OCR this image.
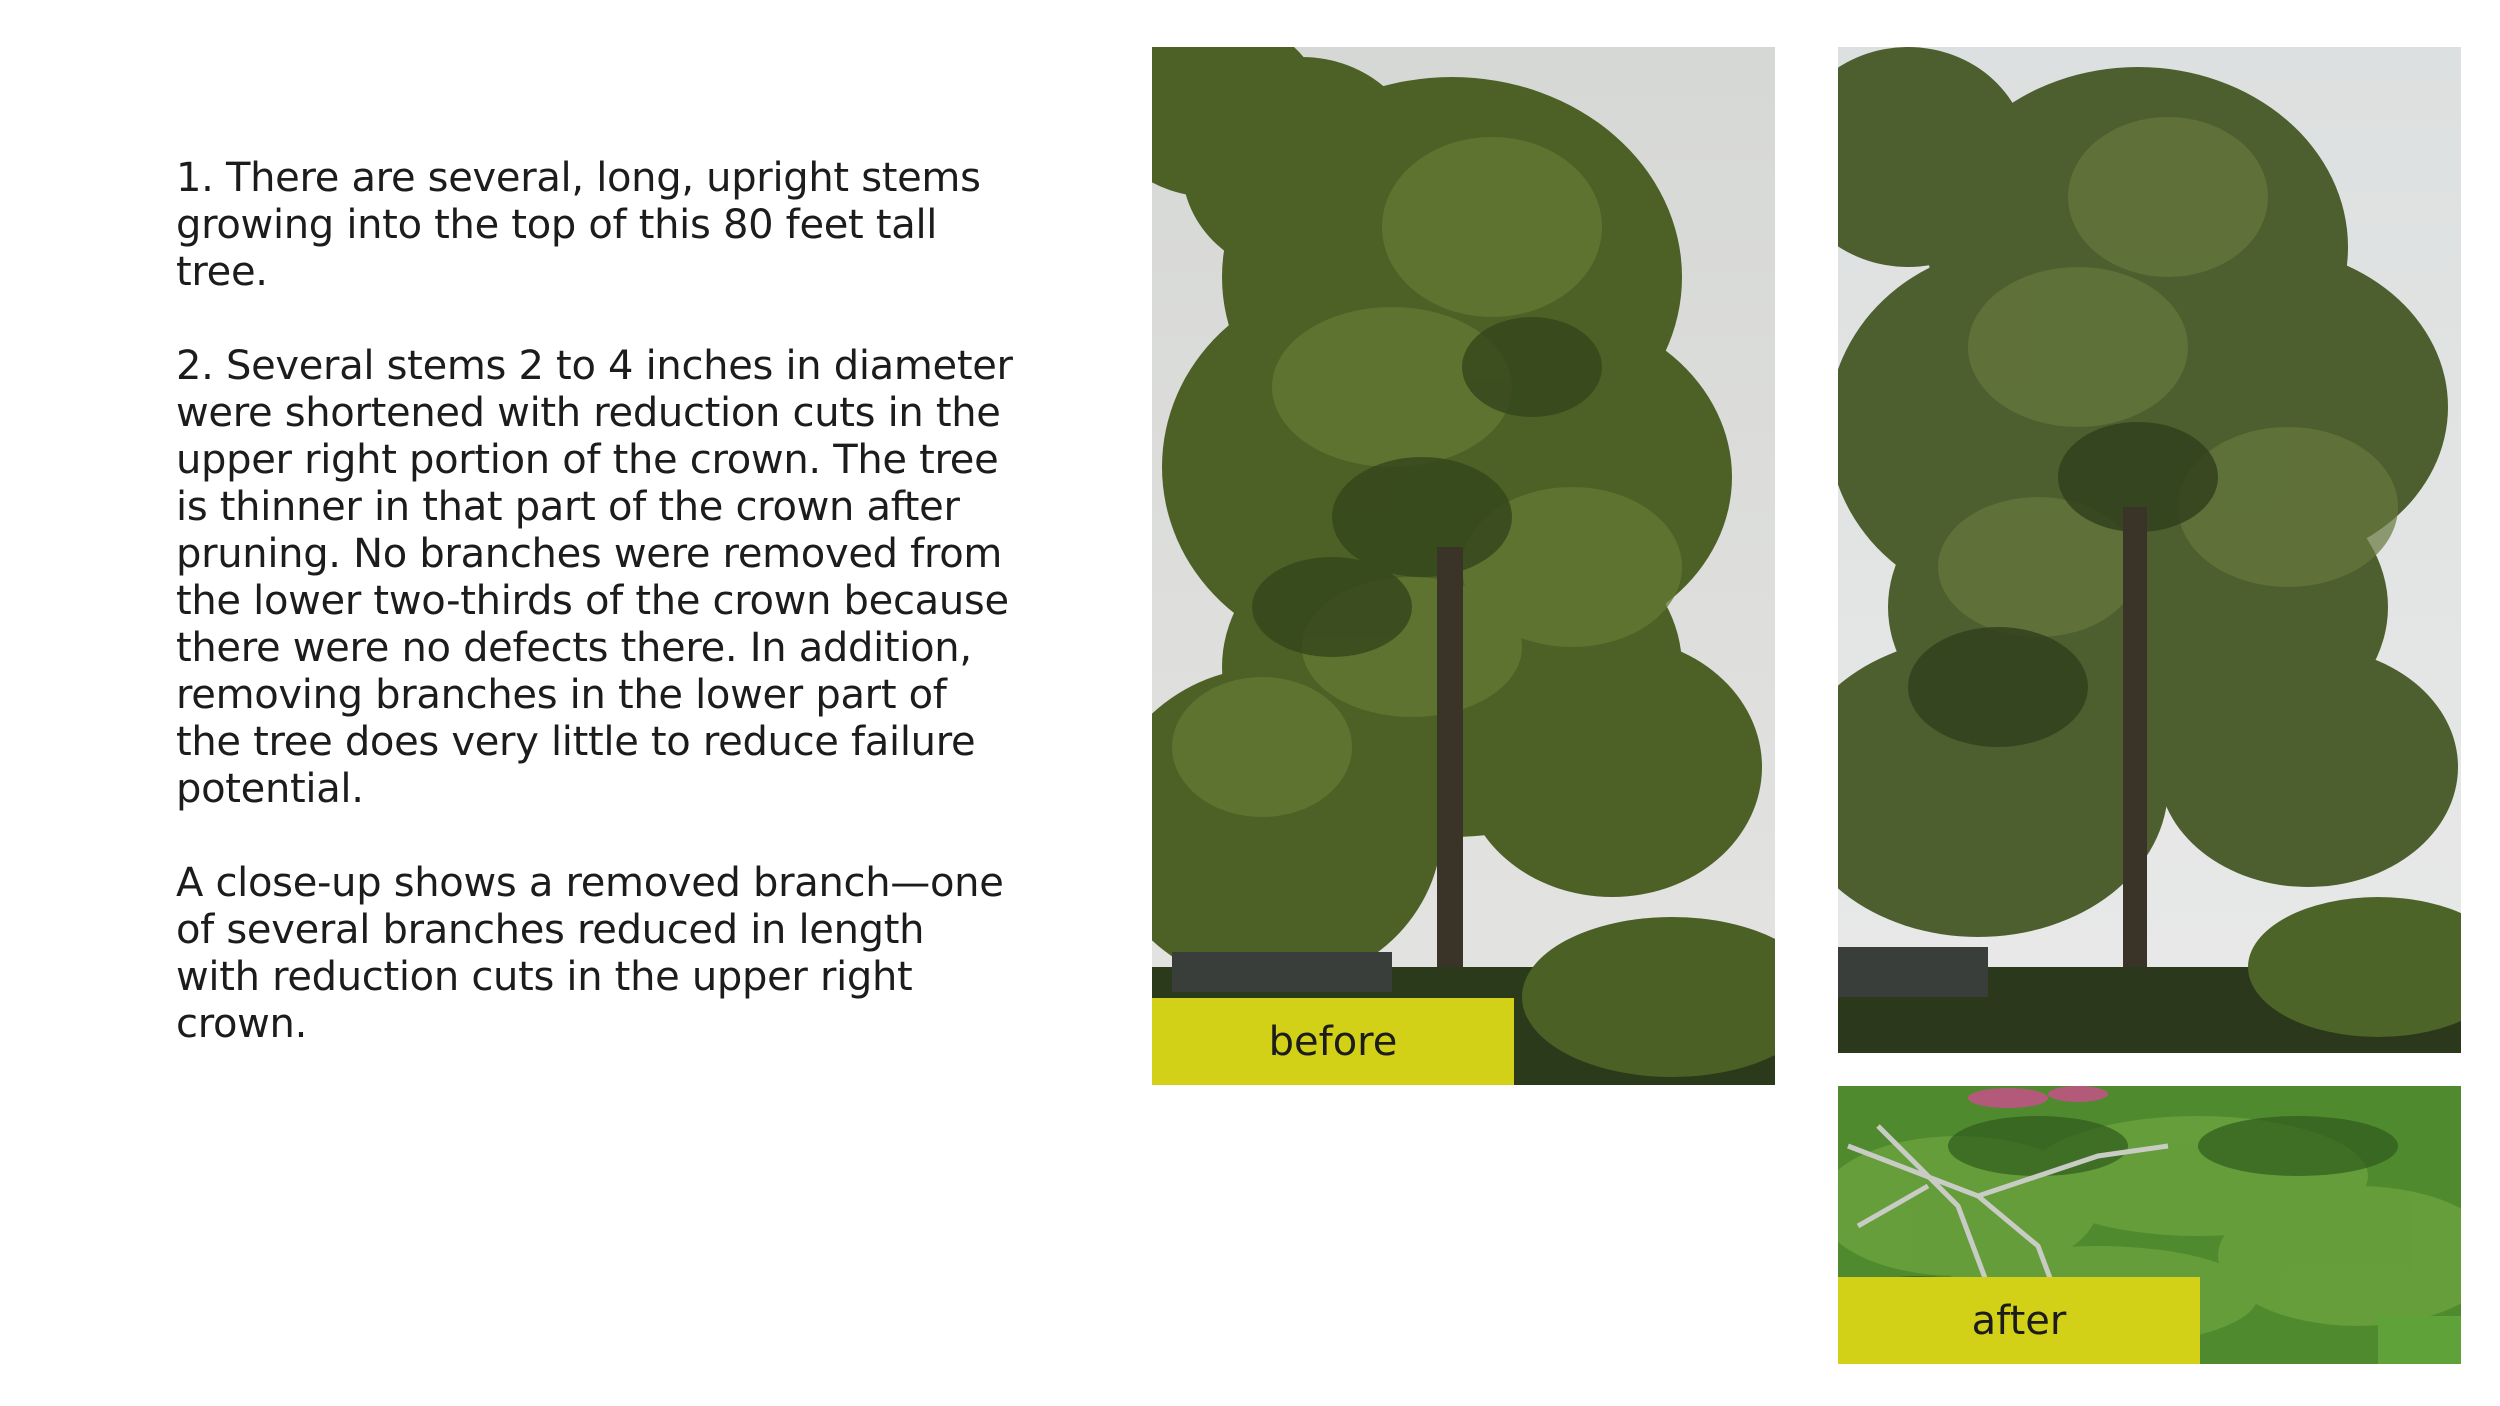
1. There are several, long, upright stems growing into the top of this 80 feet tall tree.

2. Several stems 2 to 4 inches in diameter were shortened with reduction cuts in the upper right portion of the crown. The tree is thinner in that part of the crown after pruning. No branches were removed from the lower two-thirds of the crown because there were no defects there. In addition, removing branches in the lower part of the tree does very little to reduce failure potential.

A close-up shows a removed branch—one of several branches reduced in length with reduction cuts in the upper right crown.	before
after
